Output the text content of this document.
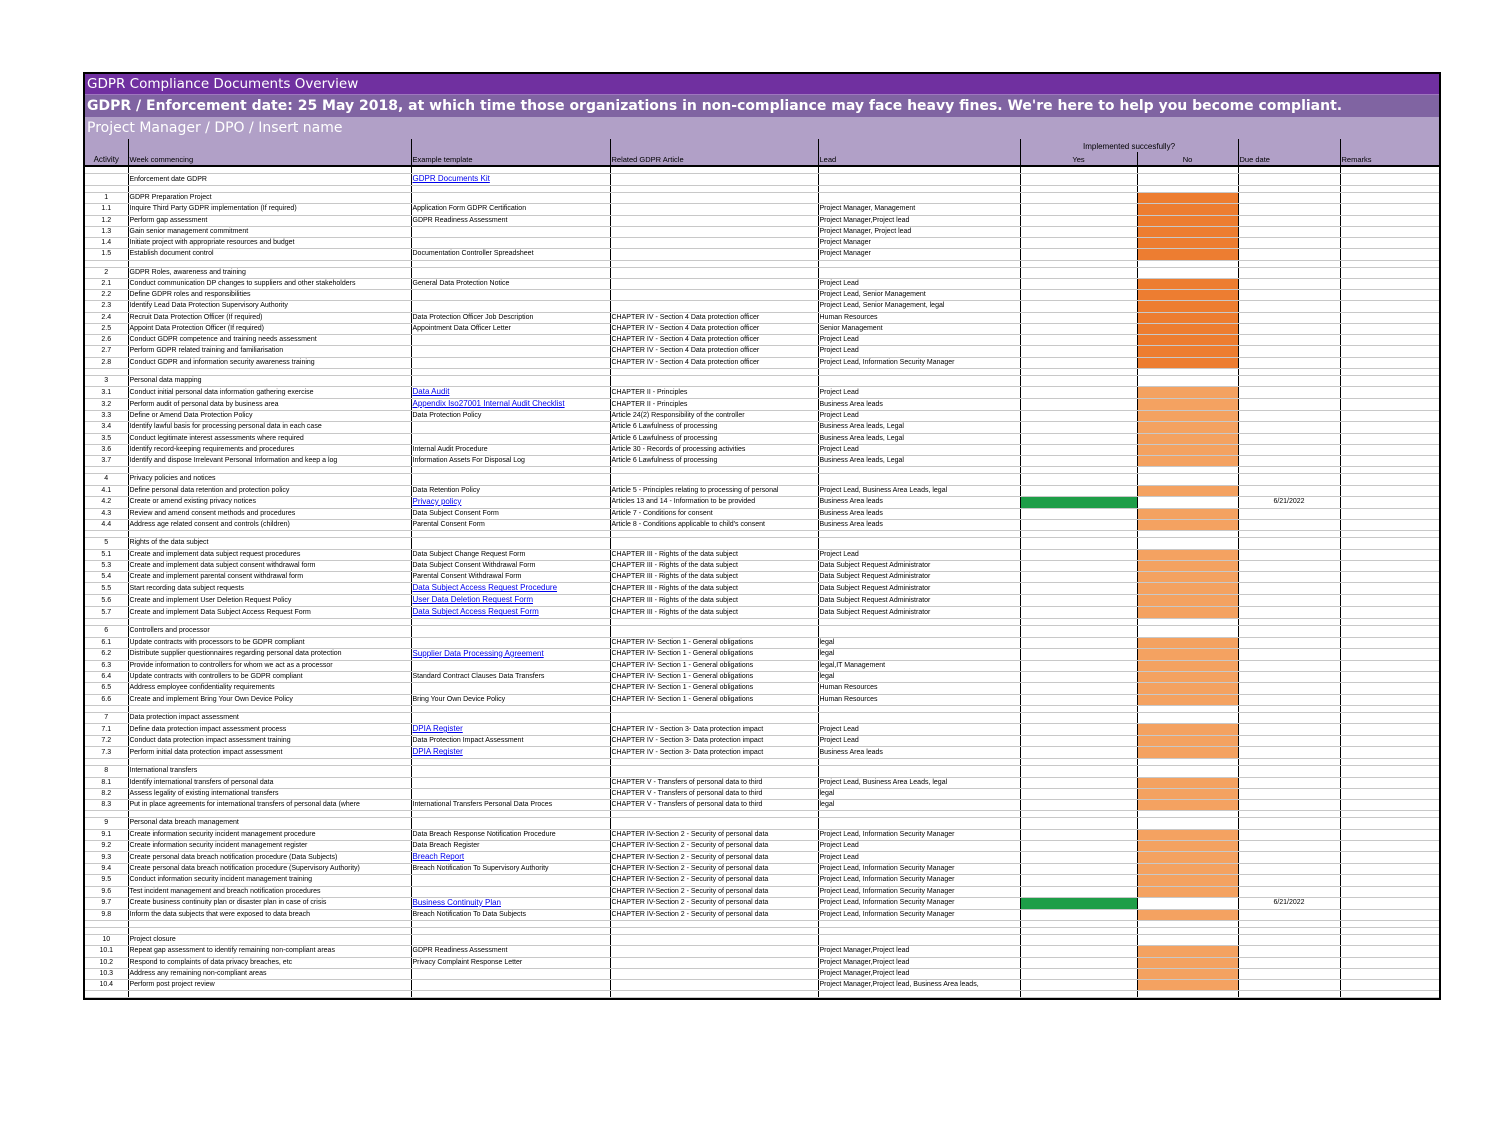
GDPR Compliance Documents Overview
GDPR / Enforcement date: 25 May 2018, at which time those organizations in non-compliance may face heavy fines. We're here to help you become compliant.
Project Manager / DPO / Insert name
					Implemented succesfully?			
Activity	Week commencing	Example template	Related GDPR Article	Lead	Yes	No	Due date	Remarks

	Enforcement date GDPR	GDPR Documents Kit						

1	GDPR Preparation Project							
1.1	Inquire Third Party GDPR implementation (If required)	Application Form GDPR Certification		Project Manager, Management				
1.2	Perform gap assessment	GDPR Readiness Assessment		Project Manager,Project lead				
1.3	Gain senior management commitment			Project Manager, Project lead				
1.4	Initiate project with appropriate resources and budget			Project Manager				
1.5	Establish document control	Documentation Controller Spreadsheet		Project Manager				

2	GDPR Roles, awareness and training							
2.1	Conduct communication DP changes to suppliers and other stakeholders	General Data Protection Notice		Project Lead				
2.2	Define GDPR roles and responsibilities			Project Lead, Senior Management				
2.3	Identify Lead Data Protection Supervisory Authority			Project Lead, Senior Management, legal				
2.4	Recruit Data Protection Officer (If required)	Data Protection Officer Job Description	CHAPTER IV - Section 4 Data protection officer	Human Resources				
2.5	Appoint Data Protection Officer (If required)	Appointment Data Officer Letter	CHAPTER IV - Section 4 Data protection officer	Senior Management				
2.6	Conduct GDPR competence and training needs assessment		CHAPTER IV - Section 4 Data protection officer	Project Lead				
2.7	Perform GDPR related training and familiarisation		CHAPTER IV - Section 4 Data protection officer	Project Lead				
2.8	Conduct GDPR and information security awareness training		CHAPTER IV - Section 4 Data protection officer	Project Lead, Information Security Manager				

3	Personal data mapping							
3.1	Conduct initial personal data information gathering exercise	Data Audit	CHAPTER II - Principles	Project Lead				
3.2	Perform audit of personal data by business area	Appendix Iso27001 Internal Audit Checklist	CHAPTER II - Principles	Business Area leads				
3.3	Define or Amend Data Protection Policy	Data Protection Policy	Article 24(2) Responsibility of the controller	Project Lead				
3.4	Identify lawful basis for processing personal data in each case		Article 6 Lawfulness of processing	Business Area leads, Legal				
3.5	Conduct legitimate interest assessments where required		Article 6 Lawfulness of processing	Business Area leads, Legal				
3.6	Identify record-keeping requirements and procedures	Internal Audit Procedure	Article 30 - Records of processing activities	Project Lead				
3.7	Identify and dispose Irrelevant Personal Information and keep a log	Information Assets For Disposal Log	Article 6 Lawfulness of processing	Business Area leads, Legal				

4	Privacy policies and notices							
4.1	Define personal data retention and protection policy	Data Retention Policy	Article 5 - Principles relating to processing of personal	Project Lead, Business Area Leads, legal				
4.2	Create or amend existing privacy notices	Privacy policy	Articles 13 and 14 - Information to be provided	Business Area leads			6/21/2022	
4.3	Review and amend consent methods and procedures	Data Subject Consent Form	Article 7 - Conditions for consent	Business Area leads				
4.4	Address age related consent and controls (children)	Parental Consent Form	Article 8 - Conditions applicable to child's consent	Business Area leads				

5	Rights of the data subject							
5.1	Create and implement data subject request procedures	Data Subject Change Request Form	CHAPTER III - Rights of the data subject	Project Lead				
5.3	Create and implement data subject consent withdrawal form	Data Subject Consent Withdrawal Form	CHAPTER III - Rights of the data subject	Data Subject Request Administrator				
5.4	Create and implement parental consent withdrawal form	Parental Consent Withdrawal Form	CHAPTER III - Rights of the data subject	Data Subject Request Administrator				
5.5	Start recording data subject requests	Data Subject Access Request Procedure	CHAPTER III - Rights of the data subject	Data Subject Request Administrator				
5.6	Create and implement User Deletion Request Policy	User Data Deletion Request Form	CHAPTER III - Rights of the data subject	Data Subject Request Administrator				
5.7	Create and implement Data Subject Access Request Form	Data Subject Access Request Form	CHAPTER III - Rights of the data subject	Data Subject Request Administrator				

6	Controllers and processor							
6.1	Update contracts with processors to be GDPR compliant		CHAPTER IV- Section 1 - General obligations	legal				
6.2	Distribute supplier questionnaires regarding personal data protection	Supplier Data Processing Agreement	CHAPTER IV- Section 1 - General obligations	legal				
6.3	Provide information to controllers for whom we act as a processor		CHAPTER IV- Section 1 - General obligations	legal,IT Management				
6.4	Update contracts with controllers to be GDPR compliant	Standard Contract Clauses Data Transfers	CHAPTER IV- Section 1 - General obligations	legal				
6.5	Address employee confidentiality requirements		CHAPTER IV- Section 1 - General obligations	Human Resources				
6.6	Create and implement Bring Your Own Device Policy	Bring Your Own Device Policy	CHAPTER IV- Section 1 - General obligations	Human Resources				

7	Data protection impact assessment							
7.1	Define data protection impact assessment process	DPIA Register	CHAPTER IV - Section 3- Data protection impact	Project Lead				
7.2	Conduct data protection impact assessment training	Data Protection Impact Assessment	CHAPTER IV - Section 3- Data protection impact	Project Lead				
7.3	Perform initial data protection impact assessment	DPIA Register	CHAPTER IV - Section 3- Data protection impact	Business Area leads				

8	International transfers							
8.1	Identify international transfers of personal data		CHAPTER V - Transfers of personal data to third	Project Lead, Business Area Leads, legal				
8.2	Assess legality of existing international transfers		CHAPTER V - Transfers of personal data to third	legal				
8.3	Put in place agreements for international transfers of personal data (where	International Transfers Personal Data Proces	CHAPTER V - Transfers of personal data to third	legal				

9	Personal data breach management							
9.1	Create information security incident management procedure	Data Breach Response Notification Procedure	CHAPTER IV-Section 2 - Security of personal data	Project Lead, Information Security Manager				
9.2	Create information security incident management register	Data Breach Register	CHAPTER IV-Section 2 - Security of personal data	Project Lead				
9.3	Create personal data breach notification procedure (Data Subjects)	Breach Report	CHAPTER IV-Section 2 - Security of personal data	Project Lead				
9.4	Create personal data breach notification procedure (Supervisory Authority)	Breach Notification To Supervisory Authority	CHAPTER IV-Section 2 - Security of personal data	Project Lead, Information Security Manager				
9.5	Conduct information security incident management training		CHAPTER IV-Section 2 - Security of personal data	Project Lead, Information Security Manager				
9.6	Test incident management and breach notification procedures		CHAPTER IV-Section 2 - Security of personal data	Project Lead, Information Security Manager				
9.7	Create business continuity plan or disaster plan in case of crisis	Business Continuity Plan	CHAPTER IV-Section 2 - Security of personal data	Project Lead, Information Security Manager			6/21/2022	
9.8	Inform the data subjects that were exposed to data breach	Breach Notification To Data Subjects	CHAPTER IV-Section 2 - Security of personal data	Project Lead, Information Security Manager				

10	Project closure							
10.1	Repeat gap assessment to identify remaining non-compliant areas	GDPR Readiness Assessment		Project Manager,Project lead				
10.2	Respond to complaints of data privacy breaches, etc	Privacy Complaint Response Letter		Project Manager,Project lead				
10.3	Address any remaining non-compliant areas			Project Manager,Project lead				
10.4	Perform post project review			Project Manager,Project lead, Business Area leads,				
